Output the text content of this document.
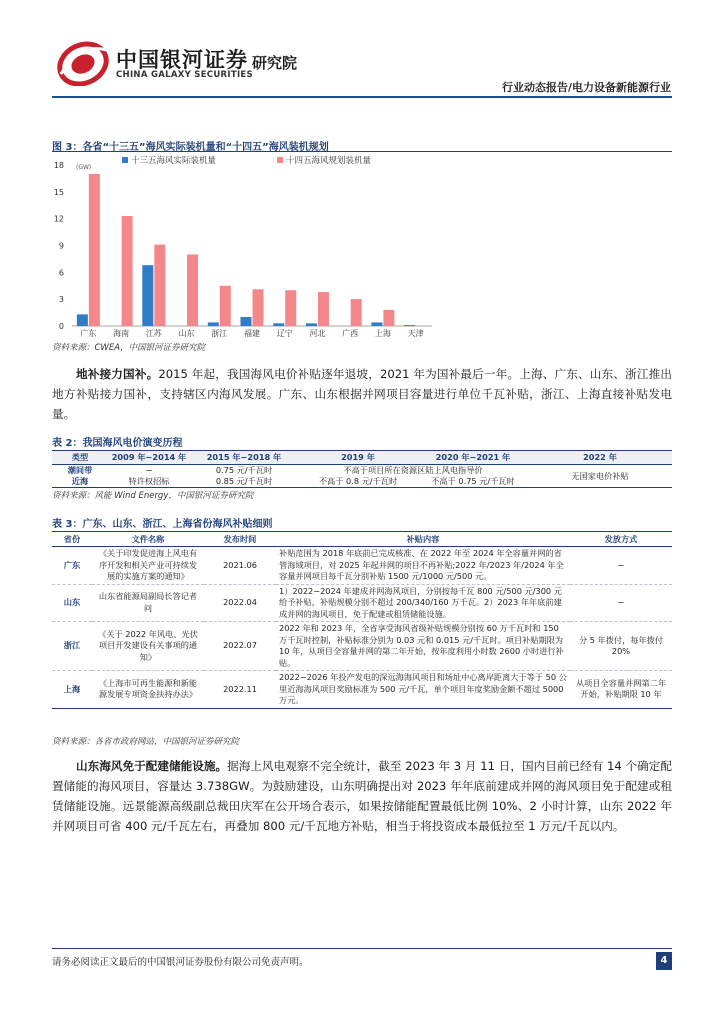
中国银河证券 研究院
CHINA GALAXY SECURITIES
行业动态报告/电力设备新能源行业
图 3：各省“十三五”海风实际装机量和“十四五”海风装机规划
0
3
6
9
12
15
18 (GW)
广东 海南 江苏 山东 浙江 福建 辽宁 河北 广西 上海 天津
十三五海风实际装机量	十四五海风规划装机量
资料来源：CWEA，中国银河证券研究院
地补接力国补。2015 年起，我国海风电价补贴逐年退坡，2021 年为国补最后一年。上海、广东、山东、浙江推出地方补贴接力国补，支持辖区内海风发展。广东、山东根据并网项目容量进行单位千瓦补贴，浙江、上海直接补贴发电量。
表 2：我国海风电价演变历程
类型	2009 年−2014 年	2015 年−2018 年	2019 年	2020 年−2021 年	2022 年
潮间带	−	0.75 元/千瓦时	不高于项目所在资源区陆上风电指导价		无国家电价补贴
近海	特许权招标	0.85 元/千瓦时	不高于 0.8 元/千瓦时	不高于 0.75 元/千瓦时	
资料来源：风能 Wind Energy，中国银河证券研究院
表 3：广东、山东、浙江、上海省份海风补贴细则
省份	文件名称	发布时间	补贴内容	发放方式
广东	《关于印发促进海上风电有序开发和相关产业可持续发展的实施方案的通知》	2021.06	补贴范围为 2018 年底前已完成核准、在 2022 年至 2024 年全容量并网的省管海域项目，对 2025 年起并网的项目不再补贴;2022 年/2023 年/2024 年全容量并网项目每千瓦分别补贴 1500 元/1000 元/500 元。	−
山东	山东省能源局副局长答记者问	2022.04	1）2022−2024 年建成并网海风项目，分别按每千瓦 800 元/500 元/300 元给予补贴，补贴规模分别不超过 200/340/160 万千瓦。2）2023 年年底前建成并网的海风项目，免于配建或租赁储能设施。	−
浙江	《关于 2022 年风电、光伏项目开发建设有关事项的通知》	2022.07	2022 年和 2023 年，全省享受海风省级补贴规模分别按 60 万千瓦时和 150 万千瓦时控制，补贴标准分别为 0.03 元和 0.015 元/千瓦时。项目补贴期限为 10 年，从项目全容量并网的第二年开始，按年度利用小时数 2600 小时进行补贴。	分 5 年拨付，每年拨付 20%
上海	《上海市可再生能源和新能源发展专项资金扶持办法》	2022.11	2022−2026 年投产发电的深远海海风项目和场址中心离岸距离大于等于 50 公里近海海风项目奖励标准为 500 元/千瓦，单个项目年度奖励金额不超过 5000 万元。	从项目全容量并网第二年开始，补贴期限 10 年
资料来源：各省市政府网站，中国银河证券研究院
山东海风免于配建储能设施。据海上风电观察不完全统计，截至 2023 年 3 月 11 日，国内目前已经有 14 个确定配置储能的海风项目，容量达 3.738GW。为鼓励建设，山东明确提出对 2023 年年底前建成并网的海风项目免于配建或租赁储能设施。远景能源高级副总裁田庆军在公开场合表示，如果按储能配置最低比例 10%、2 小时计算，山东 2022 年并网项目可省 400 元/千瓦左右，再叠加 800 元/千瓦地方补贴，相当于将投资成本最低拉至 1 万元/千瓦以内。
请务必阅读正文最后的中国银河证券股份有限公司免责声明。	4
